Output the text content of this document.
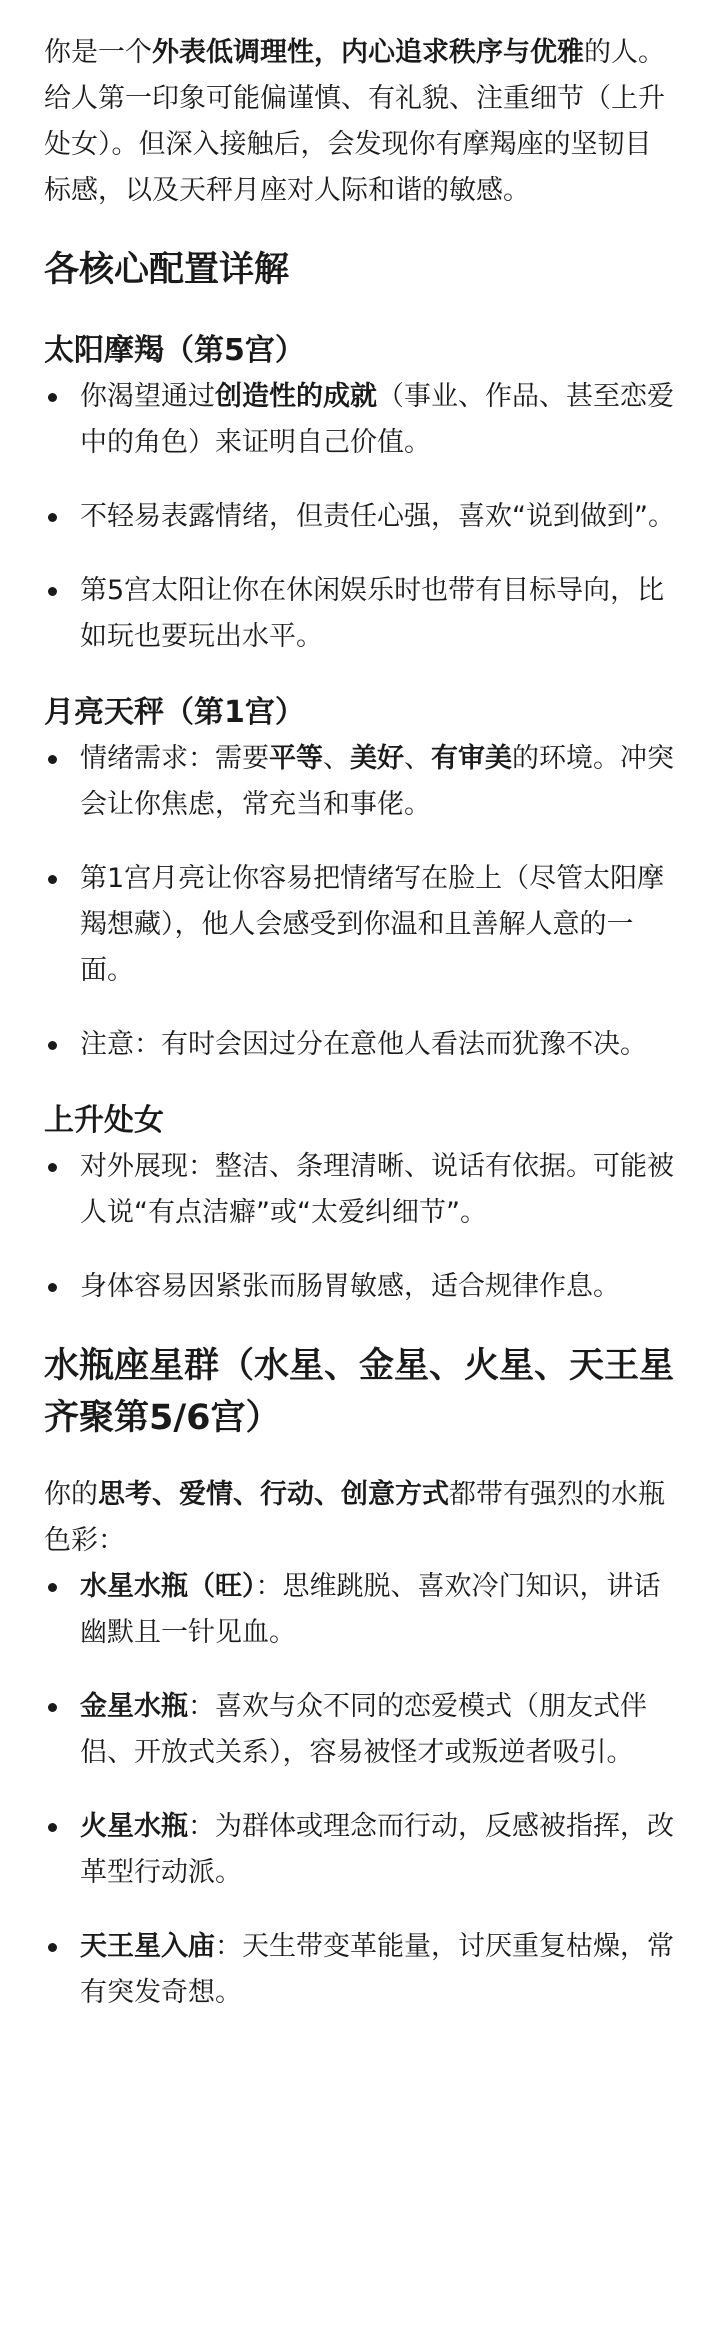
你是一个外表低调理性，内心追求秩序与优雅的人。给人第一印象可能偏谨慎、有礼貌、注重细节（上升处女）。但深入接触后，会发现你有摩羯座的坚韧目标感，以及天秤月座对人际和谐的敏感。

各核心配置详解
太阳摩羯（第5宫）
你渴望通过创造性的成就（事业、作品、甚至恋爱中的角色）来证明自己价值。
不轻易表露情绪，但责任心强，喜欢“说到做到”。
第5宫太阳让你在休闲娱乐时也带有目标导向，比如玩也要玩出水平。
月亮天秤（第1宫）
情绪需求：需要平等、美好、有审美的环境。冲突会让你焦虑，常充当和事佬。
第1宫月亮让你容易把情绪写在脸上（尽管太阳摩羯想藏），他人会感受到你温和且善解人意的一面。
注意：有时会因过分在意他人看法而犹豫不决。
上升处女
对外展现：整洁、条理清晰、说话有依据。可能被人说“有点洁癖”或“太爱纠细节”。
身体容易因紧张而肠胃敏感，适合规律作息。
水瓶座星群（水星、金星、火星、天王星齐聚第5/6宫）

你的思考、爱情、行动、创意方式都带有强烈的水瓶色彩：

水星水瓶（旺）：思维跳脱、喜欢冷门知识，讲话幽默且一针见血。
金星水瓶：喜欢与众不同的恋爱模式（朋友式伴侣、开放式关系），容易被怪才或叛逆者吸引。
火星水瓶：为群体或理念而行动，反感被指挥，改革型行动派。
天王星入庙：天生带变革能量，讨厌重复枯燥，常有突发奇想。
